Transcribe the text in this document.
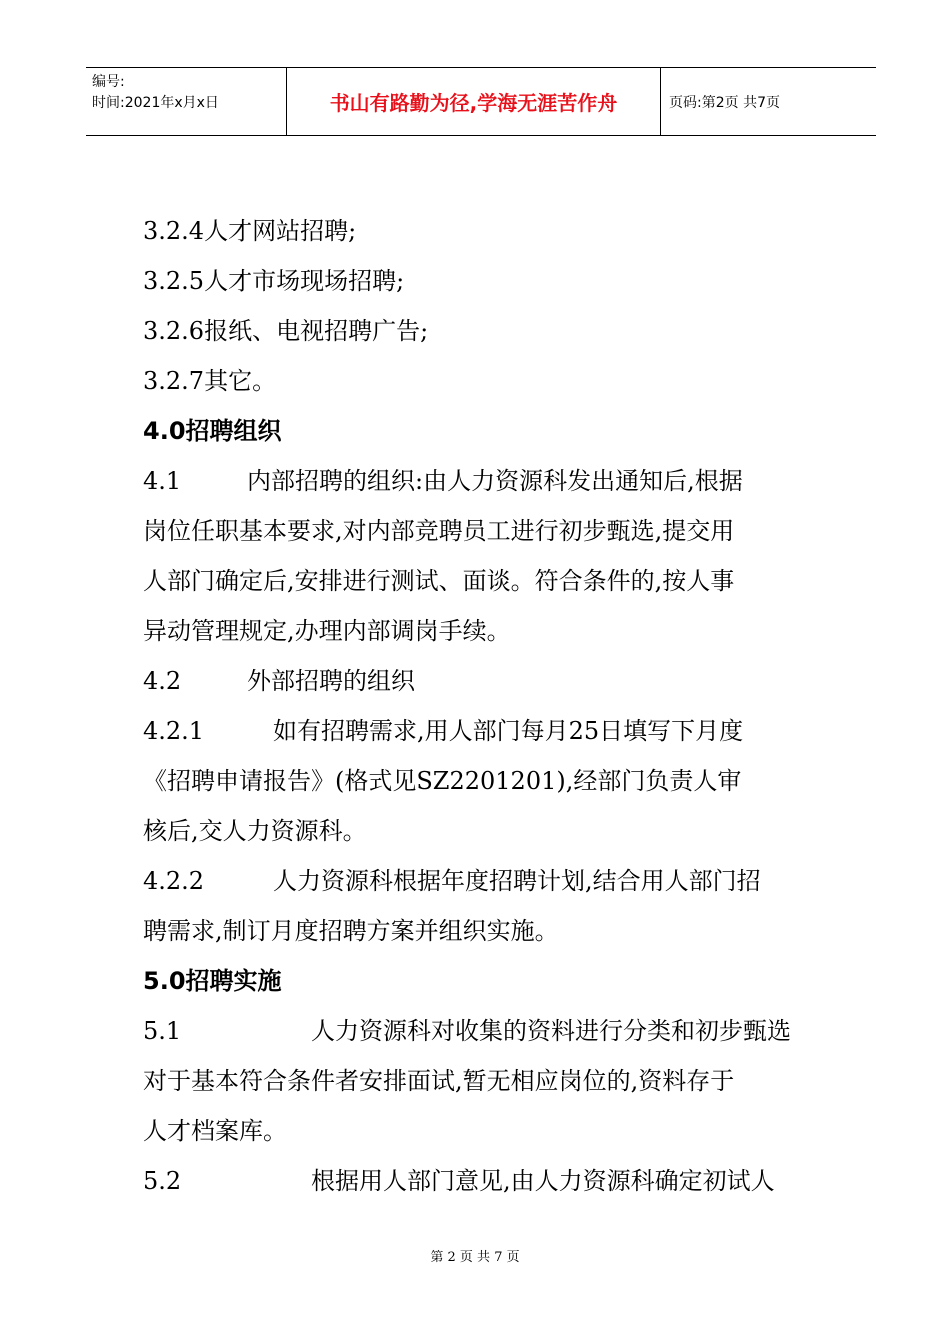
编号:
时间:2021年x月x日	书山有路勤为径,学海无涯苦作舟	页码:第2页 共7页
3.2.4人才网站招聘;
3.2.5人才市场现场招聘;
3.2.6报纸、电视招聘广告;
3.2.7其它。
4.0招聘组织
4.1	内部招聘的组织:由人力资源科发出通知后,根据
岗位任职基本要求,对内部竞聘员工进行初步甄选,提交用
人部门确定后,安排进行测试、面谈。符合条件的,按人事
异动管理规定,办理内部调岗手续。
4.2	外部招聘的组织
4.2.1	如有招聘需求,用人部门每月25日填写下月度
《招聘申请报告》(格式见SZ2201201),经部门负责人审
核后,交人力资源科。
4.2.2	人力资源科根据年度招聘计划,结合用人部门招
聘需求,制订月度招聘方案并组织实施。
5.0招聘实施
5.1	人力资源科对收集的资料进行分类和初步甄选
对于基本符合条件者安排面试,暂无相应岗位的,资料存于
人才档案库。
5.2	根据用人部门意见,由人力资源科确定初试人
第 2 页 共 7 页
